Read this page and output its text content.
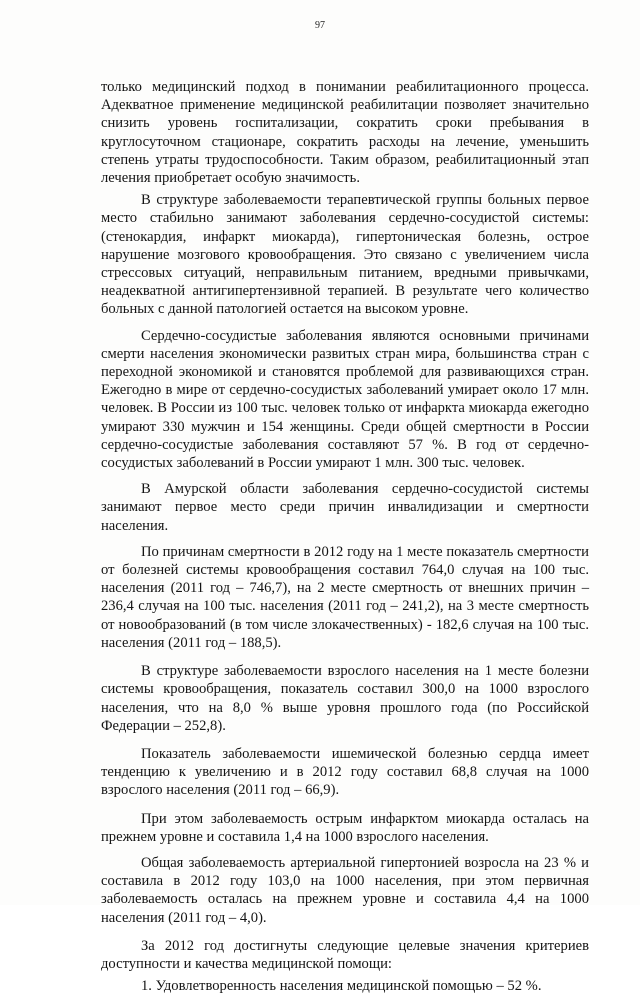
97

только медицинский подход в понимании реабилитационного процесса. Адекватное применение медицинской реабилитации позволяет значительно снизить уровень госпитализации, сократить сроки пребывания в круглосуточном стационаре, сократить расходы на лечение, уменьшить степень утраты трудоспособности. Таким образом, реабилитационный этап лечения приобретает особую значимость.

В структуре заболеваемости терапевтической группы больных первое место стабильно занимают заболевания сердечно-сосудистой системы: (стенокардия, инфаркт миокарда), гипертоническая болезнь, острое нарушение мозгового кровообращения. Это связано с увеличением числа стрессовых ситуаций, неправильным питанием, вредными привычками, неадекватной антигипертензивной терапией. В результате чего количество больных с данной патологией остается на высоком уровне.

Сердечно-сосудистые заболевания являются основными причинами смерти населения экономически развитых стран мира, большинства стран с переходной экономикой и становятся проблемой для развивающихся стран. Ежегодно в мире от сердечно-сосудистых заболеваний умирает около 17 млн. человек. В России из 100 тыс. человек только от инфаркта миокарда ежегодно умирают 330 мужчин и 154 женщины. Среди общей смертности в России сердечно-сосудистые заболевания составляют 57 %. В год от сердечно-сосудистых заболеваний в России умирают 1 млн. 300 тыс. человек.

В Амурской области заболевания сердечно-сосудистой системы занимают первое место среди причин инвалидизации и смертности населения.

По причинам смертности в 2012 году на 1 месте показатель смертности от болезней системы кровообращения составил 764,0 случая на 100 тыс. населения (2011 год – 746,7), на 2 месте смертность от внешних причин – 236,4 случая на 100 тыс. населения (2011 год – 241,2), на 3 месте смертность от новообразований (в том числе злокачественных) - 182,6 случая на 100 тыс. населения (2011 год – 188,5).

В структуре заболеваемости взрослого населения на 1 месте болезни системы кровообращения, показатель составил 300,0 на 1000 взрослого населения, что на 8,0 % выше уровня прошлого года (по Российской Федерации – 252,8).

Показатель заболеваемости ишемической болезнью сердца имеет тенденцию к увеличению и в 2012 году составил 68,8 случая на 1000 взрослого населения (2011 год – 66,9).

При этом заболеваемость острым инфарктом миокарда осталась на прежнем уровне и составила 1,4 на 1000 взрослого населения.

Общая заболеваемость артериальной гипертонией возросла на 23 % и составила в 2012 году 103,0 на 1000 населения, при этом первичная заболеваемость осталась на прежнем уровне и составила 4,4 на 1000 населения (2011 год – 4,0).

За 2012 год достигнуты следующие целевые значения критериев доступности и качества медицинской помощи:

1. Удовлетворенность населения медицинской помощью – 52 %.
